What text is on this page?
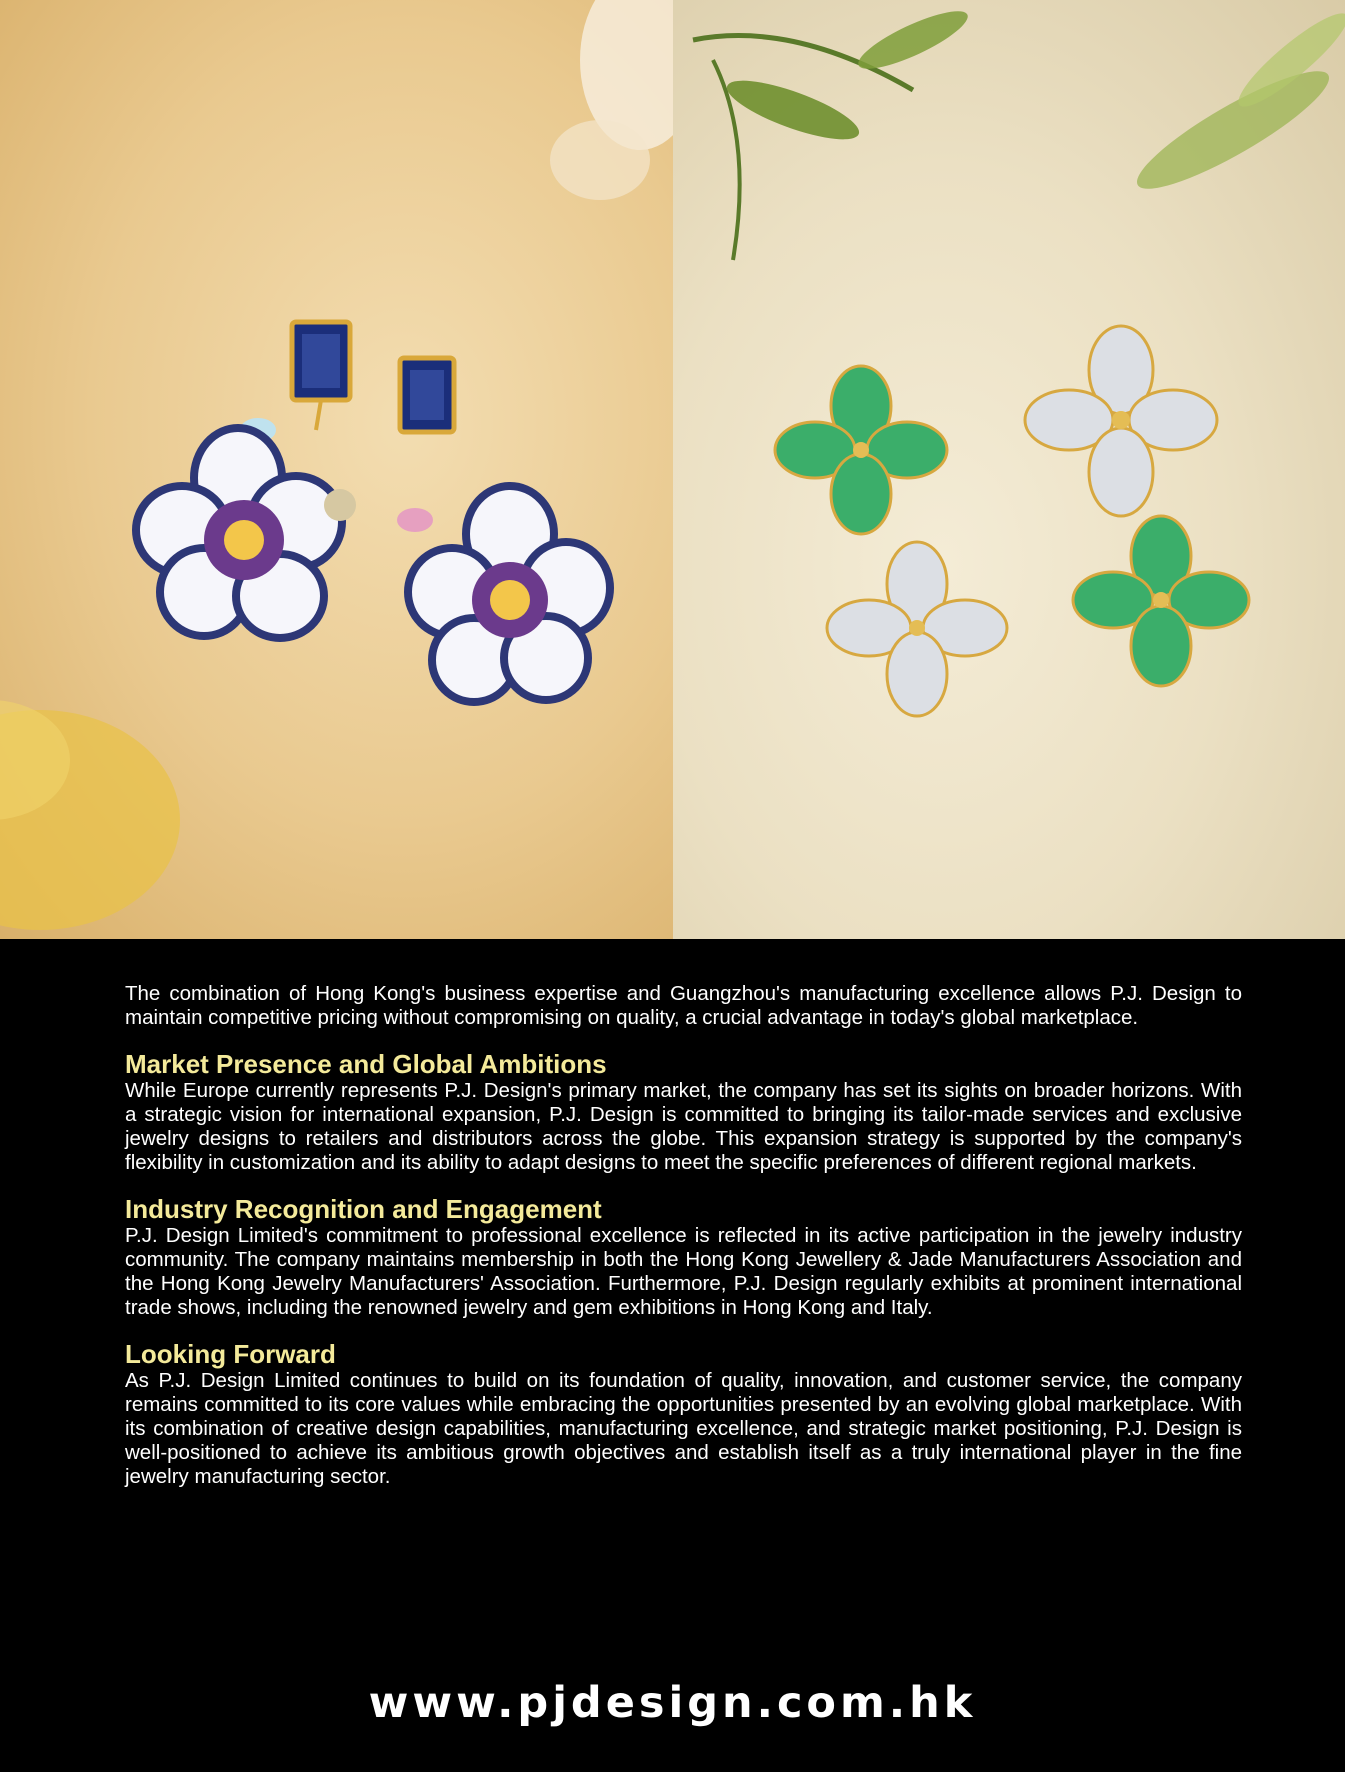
The combination of Hong Kong's business expertise and Guangzhou's manufacturing excellence allows P.J. Design to maintain competitive pricing without compromising on quality, a crucial advantage in today's global marketplace.

Market Presence and Global Ambitions

While Europe currently represents P.J. Design's primary market, the company has set its sights on broader horizons. With a strategic vision for international expansion, P.J. Design is committed to bringing its tailor-made services and exclusive jewelry designs to retailers and distributors across the globe. This expansion strategy is supported by the company's flexibility in customization and its ability to adapt designs to meet the specific preferences of different regional markets.

Industry Recognition and Engagement

P.J. Design Limited's commitment to professional excellence is reflected in its active participation in the jewelry industry community. The company maintains membership in both the Hong Kong Jewellery & Jade Manufacturers Association and the Hong Kong Jewelry Manufacturers' Association. Furthermore, P.J. Design regularly exhibits at prominent international trade shows, including the renowned jewelry and gem exhibitions in Hong Kong and Italy.

Looking Forward

As P.J. Design Limited continues to build on its foundation of quality, innovation, and customer service, the company remains committed to its core values while embracing the opportunities presented by an evolving global marketplace. With its combination of creative design capabilities, manufacturing excellence, and strategic market positioning, P.J. Design is well-positioned to achieve its ambitious growth objectives and establish itself as a truly international player in the fine jewelry manufacturing sector.

www.pjdesign.com.hk
